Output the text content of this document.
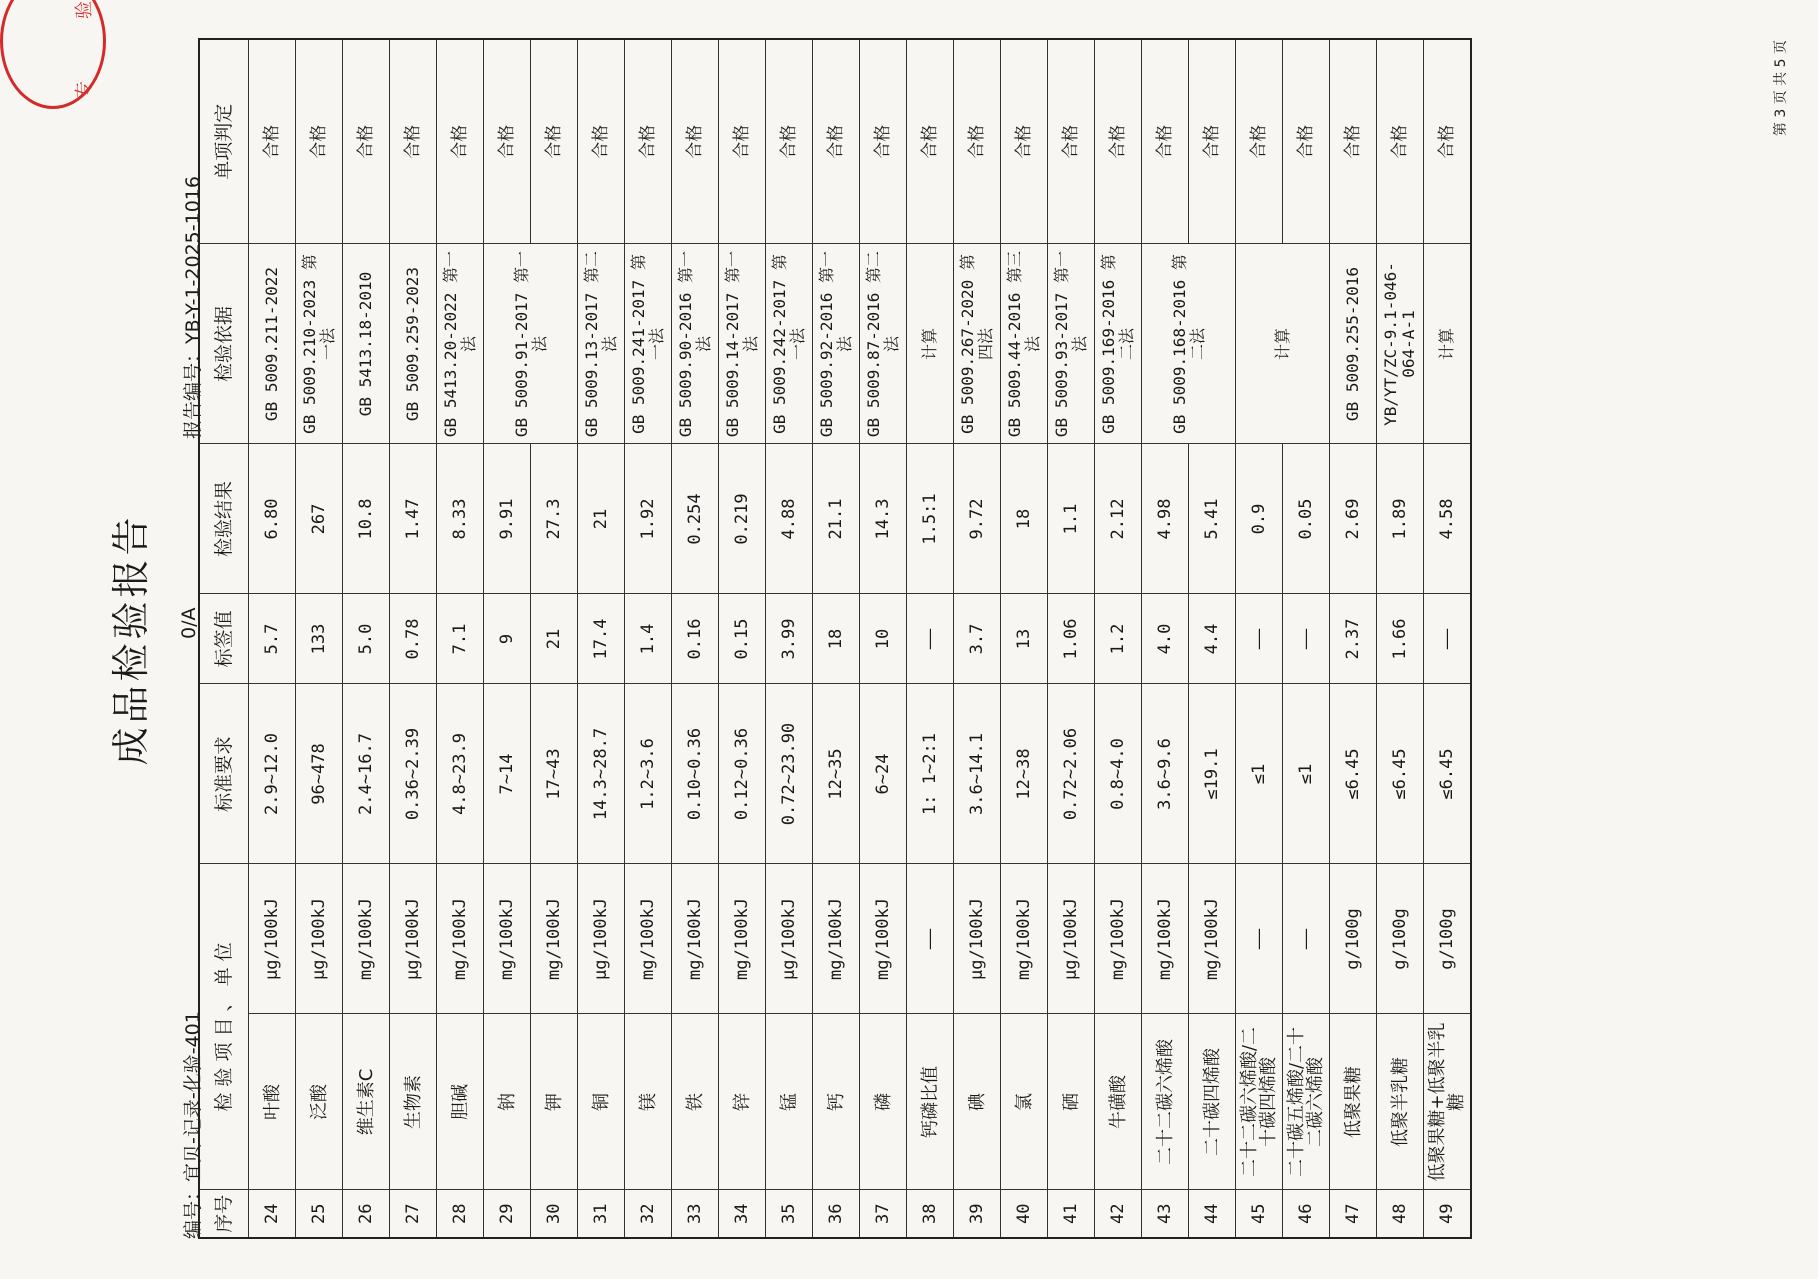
成品检验报告
编号：宜贝-记录-化验-401
0/A
报告编号：YB-Y-1-2025-1016
专
验
序号	检 验 项 目 、 单 位		标准要求	标签值	检验结果	检验依据	单项判定
24	叶酸	μg/100kJ	2.9~12.0	5.7	6.80	GB 5009.211-2022	合格
25	泛酸	μg/100kJ	96~478	133	267	GB 5009.210-2023 第一法	合格
26	维生素C	mg/100kJ	2.4~16.7	5.0	10.8	GB 5413.18-2010	合格
27	生物素	μg/100kJ	0.36~2.39	0.78	1.47	GB 5009.259-2023	合格
28	胆碱	mg/100kJ	4.8~23.9	7.1	8.33	GB 5413.20-2022 第一法	合格
29	钠	mg/100kJ	7~14	9	9.91	GB 5009.91-2017 第一法	合格
30	钾	mg/100kJ	17~43	21	27.3		合格
31	铜	μg/100kJ	14.3~28.7	17.4	21	GB 5009.13-2017 第二法	合格
32	镁	mg/100kJ	1.2~3.6	1.4	1.92	GB 5009.241-2017 第一法	合格
33	铁	mg/100kJ	0.10~0.36	0.16	0.254	GB 5009.90-2016 第一法	合格
34	锌	mg/100kJ	0.12~0.36	0.15	0.219	GB 5009.14-2017 第一法	合格
35	锰	μg/100kJ	0.72~23.90	3.99	4.88	GB 5009.242-2017 第一法	合格
36	钙	mg/100kJ	12~35	18	21.1	GB 5009.92-2016 第一法	合格
37	磷	mg/100kJ	6~24	10	14.3	GB 5009.87-2016 第二法	合格
38	钙磷比值	——	1: 1~2:1	——	1.5:1	计算	合格
39	碘	μg/100kJ	3.6~14.1	3.7	9.72	GB 5009.267-2020 第四法	合格
40	氯	mg/100kJ	12~38	13	18	GB 5009.44-2016 第三法	合格
41	硒	μg/100kJ	0.72~2.06	1.06	1.1	GB 5009.93-2017 第一法	合格
42	牛磺酸	mg/100kJ	0.8~4.0	1.2	2.12	GB 5009.169-2016 第二法	合格
43	二十二碳六烯酸	mg/100kJ	3.6~9.6	4.0	4.98	GB 5009.168-2016 第二法	合格
44	二十碳四烯酸	mg/100kJ	≤19.1	4.4	5.41		合格
45	二十二碳六烯酸/二十碳四烯酸	——	≤1	——	0.9	计算	合格
46	二十碳五烯酸/二十二碳六烯酸	——	≤1	——	0.05		合格
47	低聚果糖	g/100g	≤6.45	2.37	2.69	GB 5009.255-2016	合格
48	低聚半乳糖	g/100g	≤6.45	1.66	1.89	YB/YT/ZC-9.1-046-064-A-1	合格
49	低聚果糖+低聚半乳糖	g/100g	≤6.45	——	4.58	计算	合格
第 3 页 共 5 页
